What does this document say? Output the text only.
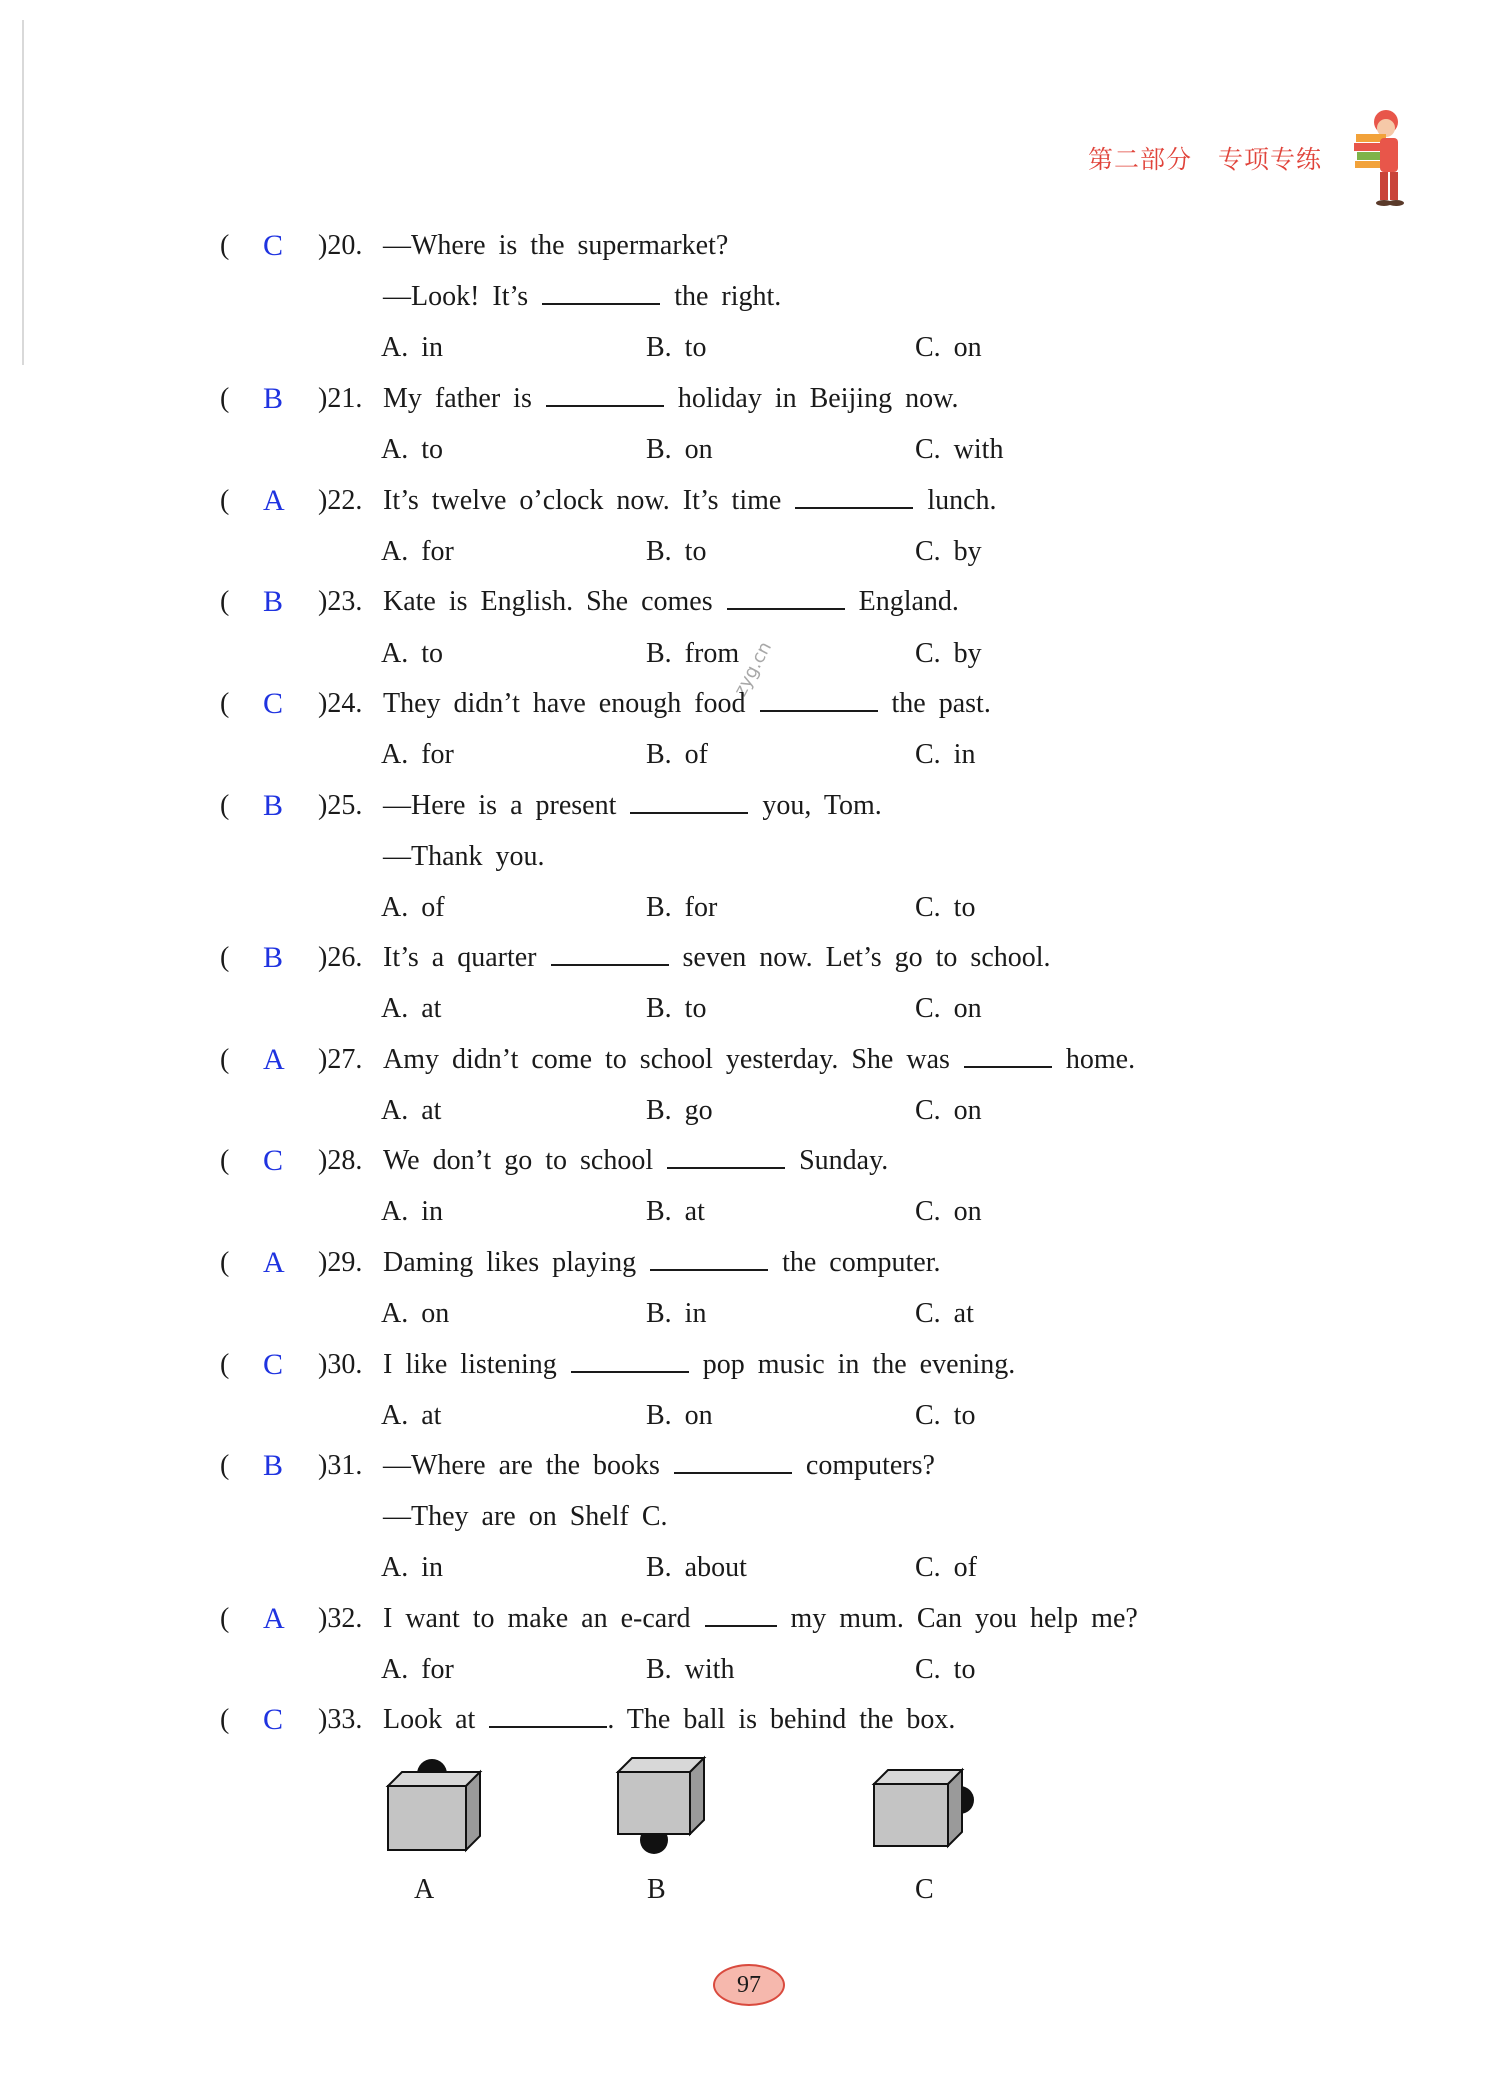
第二部分 专项专练
zyg.cn
( C )20. —Where is the supermarket?
—Look! It’s	the right.
A. in	B. to	C. on
( B )21. My father is	holiday in Beijing now.
A. to	B. on	C. with
( A )22. It’s twelve o’clock now. It’s time	lunch.
A. for	B. to	C. by
( B )23. Kate is English. She comes	England.
A. to	B. from	C. by
( C )24. They didn’t have enough food	the past.
A. for	B. of	C. in
( B )25. —Here is a present	you, Tom.
—Thank you.
A. of	B. for	C. to
( B )26. It’s a quarter	seven now. Let’s go to school.
A. at	B. to	C. on
( A )27. Amy didn’t come to school yesterday. She was	home.
A. at	B. go	C. on
( C )28. We don’t go to school	Sunday.
A. in	B. at	C. on
( A )29. Daming likes playing	the computer.
A. on	B. in	C. at
( C )30. I like listening	pop music in the evening.
A. at	B. on	C. to
( B )31. —Where are the books	computers?
—They are on Shelf C.
A. in	B. about	C. of
( A )32. I want to make an e-card	my mum. Can you help me?
A. for	B. with	C. to
( C )33. Look at	. The ball is behind the box.
A	B	C
97
